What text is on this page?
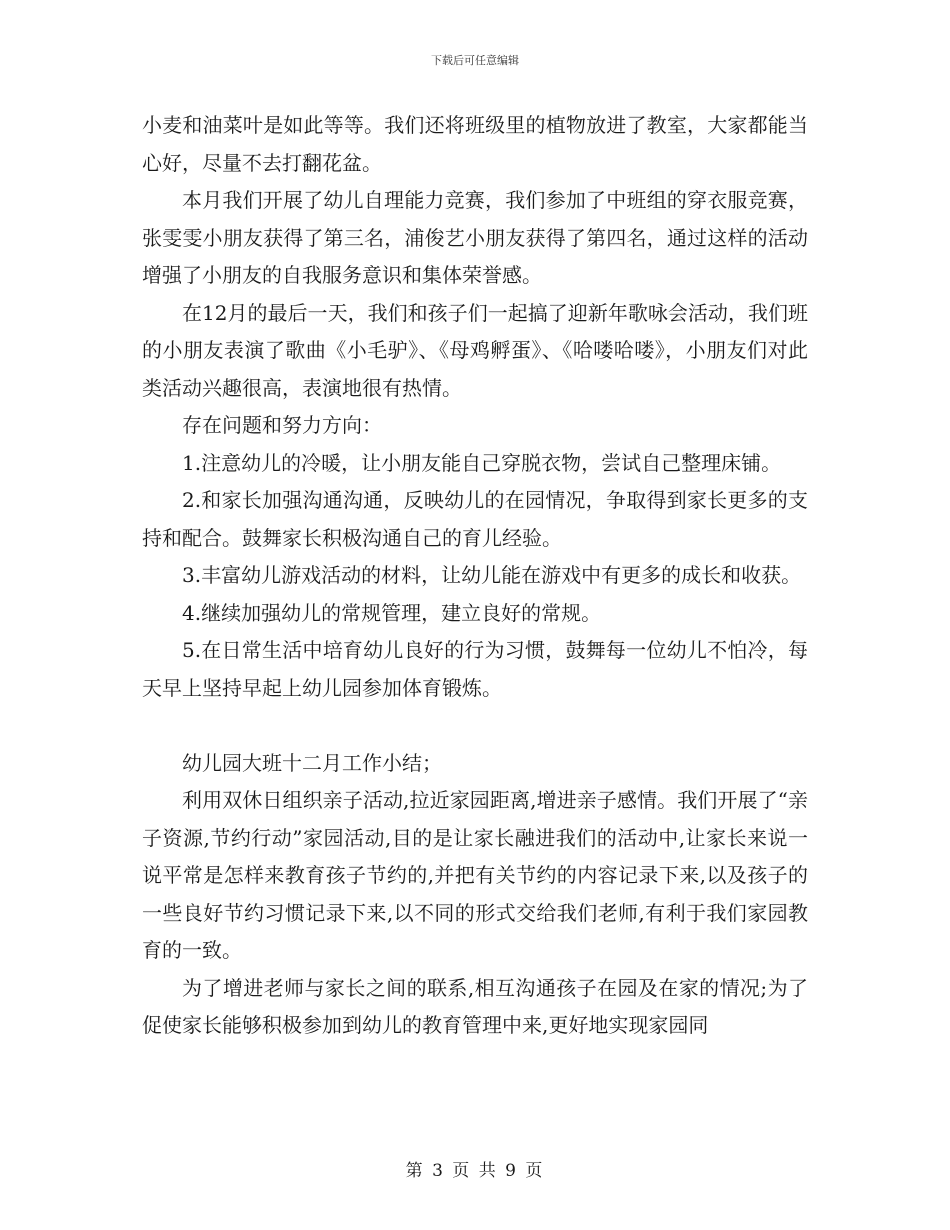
下载后可任意编辑

小麦和油菜叶是如此等等。我们还将班级里的植物放进了教室，大家都能当心好，尽量不去打翻花盆。

本月我们开展了幼儿自理能力竞赛，我们参加了中班组的穿衣服竞赛，张雯雯小朋友获得了第三名，浦俊艺小朋友获得了第四名，通过这样的活动增强了小朋友的自我服务意识和集体荣誉感。

在12月的最后一天，我们和孩子们一起搞了迎新年歌咏会活动，我们班的小朋友表演了歌曲《小毛驴》、《母鸡孵蛋》、《哈喽哈喽》，小朋友们对此类活动兴趣很高，表演地很有热情。

存在问题和努力方向：

1.注意幼儿的冷暖，让小朋友能自己穿脱衣物，尝试自己整理床铺。

2.和家长加强沟通沟通，反映幼儿的在园情况，争取得到家长更多的支持和配合。鼓舞家长积极沟通自己的育儿经验。

3.丰富幼儿游戏活动的材料，让幼儿能在游戏中有更多的成长和收获。

4.继续加强幼儿的常规管理，建立良好的常规。

5.在日常生活中培育幼儿良好的行为习惯，鼓舞每一位幼儿不怕冷，每天早上坚持早起上幼儿园参加体育锻炼。

幼儿园大班十二月工作小结；

利用双休日组织亲子活动,拉近家园距离,增进亲子感情。我们开展了“亲子资源,节约行动”家园活动,目的是让家长融进我们的活动中,让家长来说一说平常是怎样来教育孩子节约的,并把有关节约的内容记录下来,以及孩子的一些良好节约习惯记录下来,以不同的形式交给我们老师,有利于我们家园教育的一致。

为了增进老师与家长之间的联系,相互沟通孩子在园及在家的情况;为了促使家长能够积极参加到幼儿的教育管理中来,更好地实现家园同

第 3 页 共 9 页
